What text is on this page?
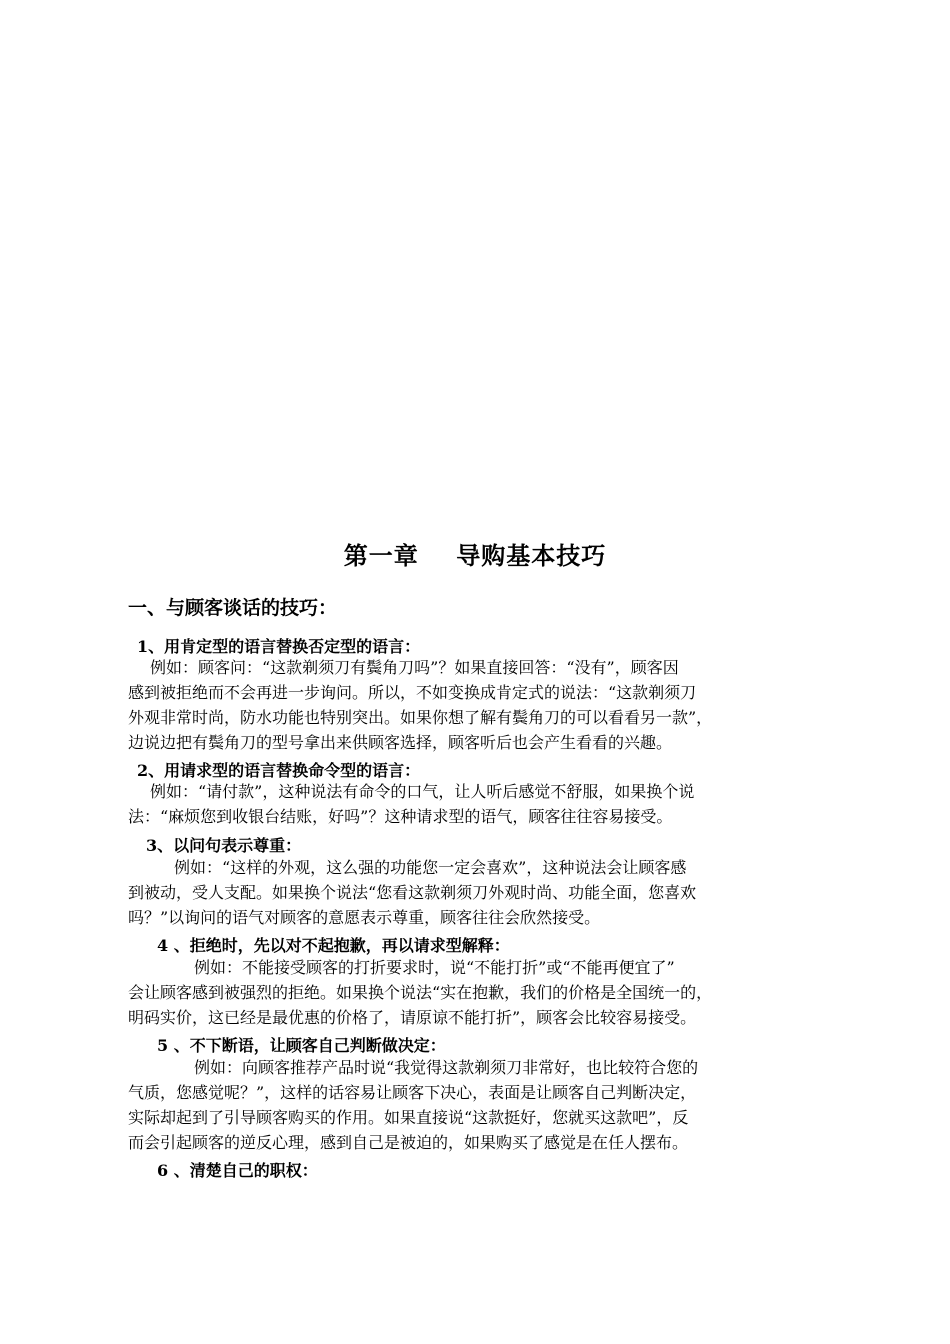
第一章    导购基本技巧
一、与顾客谈话的技巧：
1、用肯定型的语言替换否定型的语言：
例如：顾客问：“这款剃须刀有鬓角刀吗”？如果直接回答：“没有”，顾客因
感到被拒绝而不会再进一步询问。所以，不如变换成肯定式的说法：“这款剃须刀
外观非常时尚，防水功能也特别突出。如果你想了解有鬓角刀的可以看看另一款”，
边说边把有鬓角刀的型号拿出来供顾客选择，顾客听后也会产生看看的兴趣。
2、用请求型的语言替换命令型的语言：
例如：“请付款”，这种说法有命令的口气，让人听后感觉不舒服，如果换个说
法：“麻烦您到收银台结账，好吗”？这种请求型的语气，顾客往往容易接受。
3、以问句表示尊重：
例如：“这样的外观，这么强的功能您一定会喜欢”，这种说法会让顾客感
到被动，受人支配。如果换个说法“您看这款剃须刀外观时尚、功能全面，您喜欢
吗？”以询问的语气对顾客的意愿表示尊重，顾客往往会欣然接受。
4 、拒绝时，先以对不起抱歉，再以请求型解释：
例如：不能接受顾客的打折要求时，说“不能打折”或“不能再便宜了”
会让顾客感到被强烈的拒绝。如果换个说法“实在抱歉，我们的价格是全国统一的，
明码实价，这已经是最优惠的价格了，请原谅不能打折”，顾客会比较容易接受。
5 、不下断语，让顾客自己判断做决定：
例如：向顾客推荐产品时说“我觉得这款剃须刀非常好，也比较符合您的
气质，您感觉呢？”，这样的话容易让顾客下决心，表面是让顾客自己判断决定，
实际却起到了引导顾客购买的作用。如果直接说“这款挺好，您就买这款吧”，反
而会引起顾客的逆反心理，感到自己是被迫的，如果购买了感觉是在任人摆布。
6 、清楚自己的职权：
